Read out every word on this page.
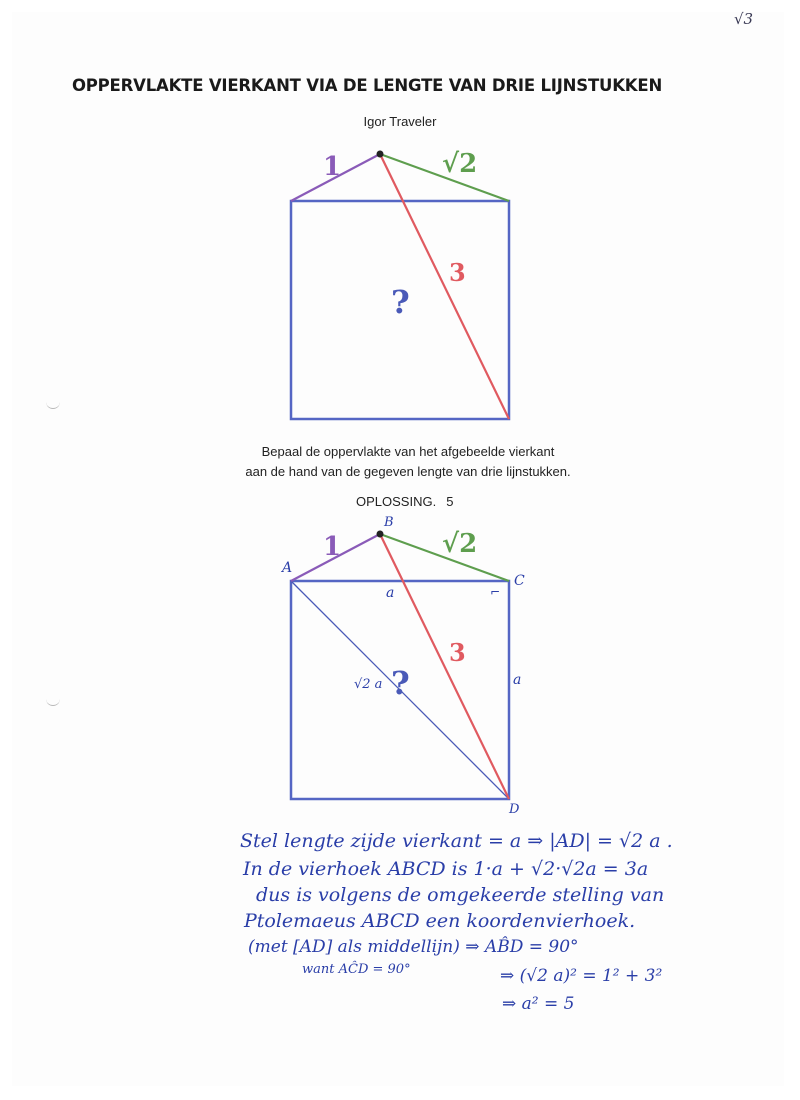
√3
OPPERVLAKTE VIERKANT VIA DE LENGTE VAN DRIE LIJNSTUKKEN
Igor Traveler
1	√2
3
?
1	√2
3
?
A
B
C
D
a
a
√2 a
⌐
Bepaal de oppervlakte van het afgebeelde vierkant
aan de hand van de gegeven lengte van drie lijnstukken.
OPLOSSING. 5
Stel lengte zijde vierkant = a ⇒ |AD| = √2 a .
In de vierhoek ABCD is 1·a + √2·√2a = 3a
dus is volgens de omgekeerde stelling van
Ptolemaeus ABCD een koordenvierhoek.
(met [AD] als middellijn) ⇒ AB̂D = 90°
want AĈD = 90°	⇒ (√2 a)² = 1² + 3²
⇒ a² = 5
